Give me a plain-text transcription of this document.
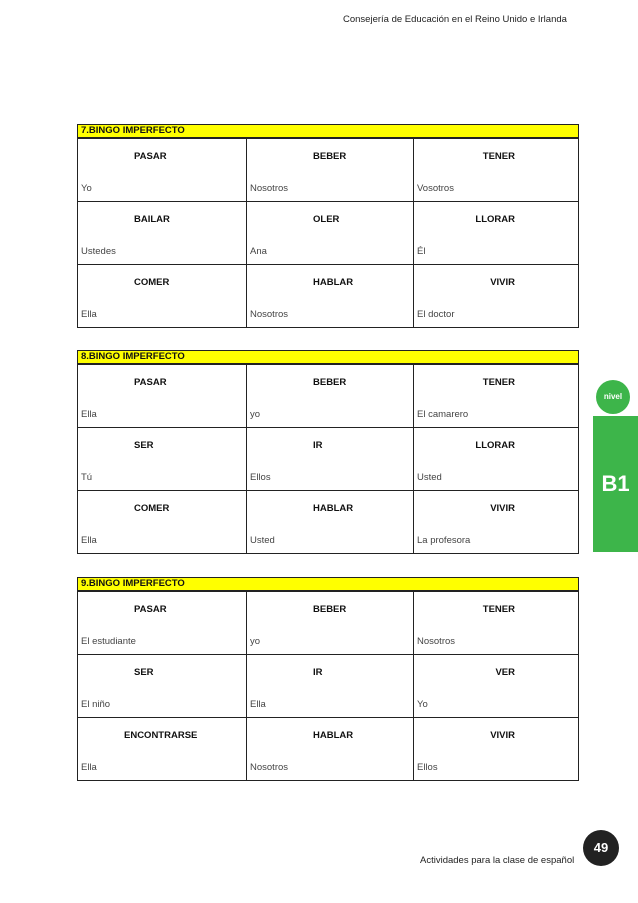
Consejería de Educación en el Reino Unido e Irlanda
7.BINGO IMPERFECTO
PASAR
Yo
BEBER
Nosotros
TENER
Vosotros
BAILAR
Ustedes
OLER
Ana
LLORAR
Él
COMER
Ella
HABLAR
Nosotros
VIVIR
El doctor
8.BINGO IMPERFECTO
PASAR
Ella
BEBER
yo
TENER
El camarero
SER
Tú
IR
Ellos
LLORAR
Usted
COMER
Ella
HABLAR
Usted
VIVIR
La profesora
9.BINGO IMPERFECTO
PASAR
El estudiante
BEBER
yo
TENER
Nosotros
SER
El niño
IR
Ella
VER
Yo
ENCONTRARSE
Ella
HABLAR
Nosotros
VIVIR
Ellos
nivel
B1
Actividades para la clase de español
49
